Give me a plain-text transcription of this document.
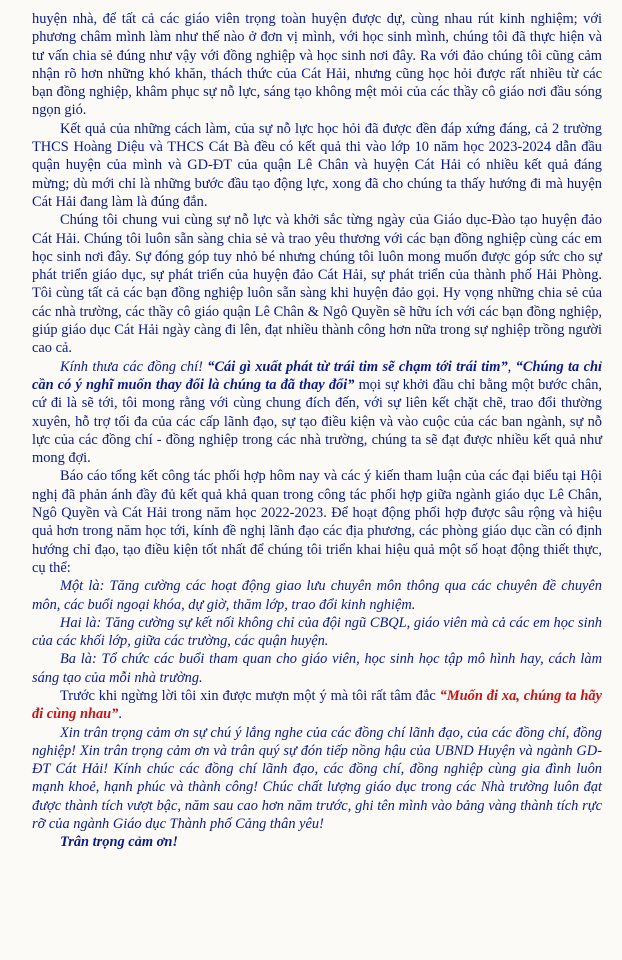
huyện nhà, để tất cả các giáo viên trọng toàn huyện được dự, cùng nhau rút kinh nghiệm; với phương châm mình làm như thế nào ở đơn vị mình, với học sinh mình, chúng tôi đã thực hiện và tư vấn chia sẻ đúng như vậy với đồng nghiệp và học sinh nơi đây. Ra với đảo chúng tôi cũng cảm nhận rõ hơn những khó khăn, thách thức của Cát Hải, nhưng cũng học hỏi được rất nhiều từ các bạn đồng nghiệp, khâm phục sự nỗ lực, sáng tạo không mệt mỏi của các thầy cô giáo nơi đầu sóng ngọn gió.

Kết quả của những cách làm, của sự nỗ lực học hỏi đã được đền đáp xứng đáng, cả 2 trường THCS Hoàng Diệu và THCS Cát Bà đều có kết quả thi vào lớp 10 năm học 2023-2024 dẫn đầu quận huyện của mình và GD-ĐT của quận Lê Chân và huyện Cát Hải có nhiều kết quả đáng mừng; dù mới chỉ là những bước đầu tạo động lực, xong đã cho chúng ta thấy hướng đi mà huyện Cát Hải đang làm là đúng đắn.

Chúng tôi chung vui cùng sự nỗ lực và khởi sắc từng ngày của Giáo dục-Đào tạo huyện đảo Cát Hải. Chúng tôi luôn sẵn sàng chia sẻ và trao yêu thương với các bạn đồng nghiệp cùng các em học sinh nơi đây. Sự đóng góp tuy nhỏ bé nhưng chúng tôi luôn mong muốn được góp sức cho sự phát triển giáo dục, sự phát triển của huyện đảo Cát Hải, sự phát triển của thành phố Hải Phòng. Tôi cùng tất cả các bạn đồng nghiệp luôn sẵn sàng khi huyện đảo gọi. Hy vọng những chia sẻ của các nhà trường, các thầy cô giáo quận Lê Chân & Ngô Quyền sẽ hữu ích với các bạn đồng nghiệp, giúp giáo dục Cát Hải ngày càng đi lên, đạt nhiều thành công hơn nữa trong sự nghiệp trồng người cao cả.

Kính thưa các đồng chí! “Cái gì xuất phát từ trái tim sẽ chạm tới trái tim”, “Chúng ta chỉ cần có ý nghĩ muốn thay đổi là chúng ta đã thay đổi” mọi sự khởi đầu chỉ bằng một bước chân, cứ đi là sẽ tới, tôi mong rằng với cùng chung đích đến, với sự liên kết chặt chẽ, trao đổi thường xuyên, hỗ trợ tối đa của các cấp lãnh đạo, sự tạo điều kiện và vào cuộc của các ban ngành, sự nỗ lực của các đồng chí - đồng nghiệp trong các nhà trường, chúng ta sẽ đạt được nhiều kết quả như mong đợi.

Báo cáo tổng kết công tác phối hợp hôm nay và các ý kiến tham luận của các đại biểu tại Hội nghị đã phản ánh đầy đủ kết quả khả quan trong công tác phối hợp giữa ngành giáo dục Lê Chân, Ngô Quyền và Cát Hải trong năm học 2022-2023. Để hoạt động phối hợp được sâu rộng và hiệu quả hơn trong năm học tới, kính đề nghị lãnh đạo các địa phương, các phòng giáo dục cần có định hướng chỉ đạo, tạo điều kiện tốt nhất để chúng tôi triển khai hiệu quả một số hoạt động thiết thực, cụ thể:

Một là: Tăng cường các hoạt động giao lưu chuyên môn thông qua các chuyên đề chuyên môn, các buổi ngoại khóa, dự giờ, thăm lớp, trao đổi kinh nghiệm.

Hai là: Tăng cường sự kết nối không chỉ của đội ngũ CBQL, giáo viên mà cả các em học sinh của các khối lớp, giữa các trường, các quận huyện.

Ba là: Tổ chức các buổi tham quan cho giáo viên, học sinh học tập mô hình hay, cách làm sáng tạo của mỗi nhà trường.

Trước khi ngừng lời tôi xin được mượn một ý mà tôi rất tâm đắc “Muốn đi xa, chúng ta hãy đi cùng nhau”.

Xin trân trọng cảm ơn sự chú ý lắng nghe của các đồng chí lãnh đạo, của các đồng chí, đồng nghiệp! Xin trân trọng cảm ơn và trân quý sự đón tiếp nồng hậu của UBND Huyện và ngành GD-ĐT Cát Hải! Kính chúc các đồng chí lãnh đạo, các đồng chí, đồng nghiệp cùng gia đình luôn mạnh khoẻ, hạnh phúc và thành công! Chúc chất lượng giáo dục trong các Nhà trường luôn đạt được thành tích vượt bậc, năm sau cao hơn năm trước, ghi tên mình vào bảng vàng thành tích rực rỡ của ngành Giáo dục Thành phố Cảng thân yêu!

Trân trọng cảm ơn!
